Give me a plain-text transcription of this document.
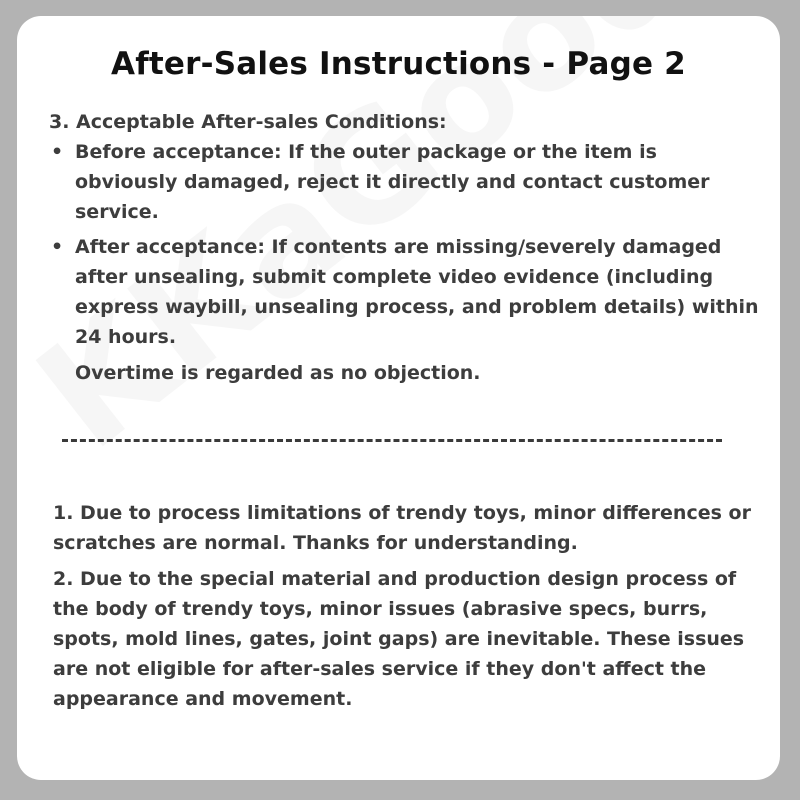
After-Sales Instructions - Page 2

3. Acceptable After-sales Conditions:

• Before acceptance: If the outer package or the item is obviously damaged, reject it directly and contact customer service.
• After acceptance: If contents are missing/severely damaged after unsealing, submit complete video evidence (including express waybill, unsealing process, and problem details) within 24 hours.

Overtime is regarded as no objection.

1. Due to process limitations of trendy toys, minor differences or scratches are normal. Thanks for understanding.

2. Due to the special material and production design process of the body of trendy toys, minor issues (abrasive specs, burrs, spots, mold lines, gates, joint gaps) are inevitable. These issues are not eligible for after-sales service if they don't affect the appearance and movement.
